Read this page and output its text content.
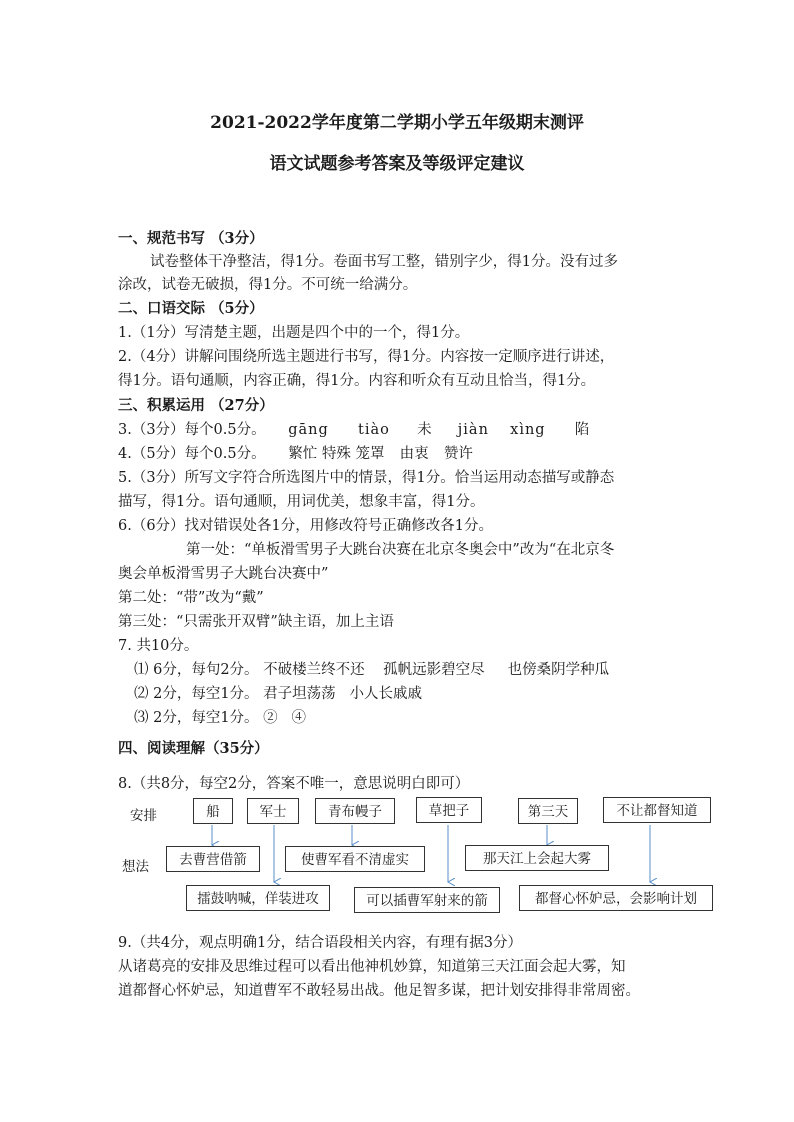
2021-2022学年度第二学期小学五年级期末测评
语文试题参考答案及等级评定建议
一、规范书写 （3分）
试卷整体干净整洁，得1分。卷面书写工整，错别字少，得1分。没有过多
涂改，试卷无破损，得1分。不可统一给满分。
二、口语交际 （5分）
1.（1分）写清楚主题，出题是四个中的一个，得1分。
2.（4分）讲解问围绕所选主题进行书写，得1分。内容按一定顺序进行讲述，
得1分。语句通顺，内容正确，得1分。内容和听众有互动且恰当，得1分。
三、积累运用 （27分）
3.（3分）每个0.5分。 gāng tiào 未 jiàn xìng 陷
4.（5分）每个0.5分。 繁忙 特殊 笼罩 由衷 赞许
5.（3分）所写文字符合所选图片中的情景，得1分。恰当运用动态描写或静态
描写，得1分。语句通顺，用词优美，想象丰富，得1分。
6.（6分）找对错误处各1分，用修改符号正确修改各1分。
第一处：“单板滑雪男子大跳台决赛在北京冬奥会中”改为“在北京冬
奥会单板滑雪男子大跳台决赛中”
第二处：“带”改为“戴”
第三处：“只需张开双臂”缺主语，加上主语
7. 共10分。
⑴ 6分，每句2分。 不破楼兰终不还    孤帆远影碧空尽     也傍桑阴学种瓜
⑵ 2分，每空1分。 君子坦荡荡   小人长戚戚
⑶ 2分，每空1分。 ②   ④
四、阅读理解（35分）
8.（共8分，每空2分，答案不唯一，意思说明白即可）
安排
想法
船	军士	青布幔子	草把子	第三天	不让都督知道
去曹营借箭	使曹军看不清虚实
擂鼓呐喊，佯装进攻	可以插曹军射来的箭
那天江上会起大雾
都督心怀妒忌，会影响计划
9.（共4分，观点明确1分，结合语段相关内容，有理有据3分）
从诸葛亮的安排及思维过程可以看出他神机妙算，知道第三天江面会起大雾，知
道都督心怀妒忌，知道曹军不敢轻易出战。他足智多谋，把计划安排得非常周密。
